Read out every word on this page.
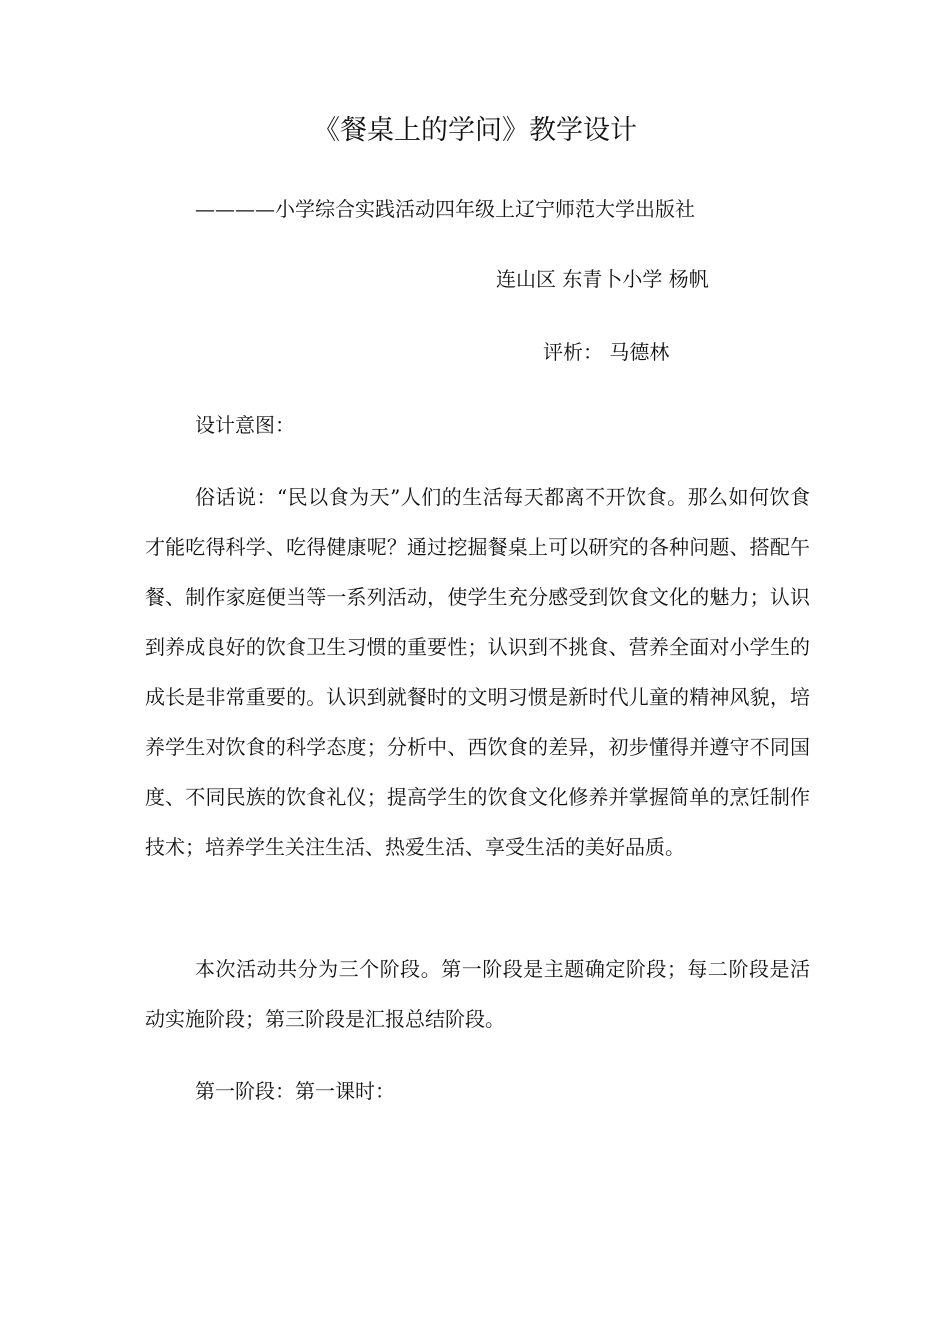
《餐桌上的学问》教学设计
————小学综合实践活动四年级上辽宁师范大学出版社
连山区 东青卜小学 杨帆
评析： 马德林
设计意图：

俗话说：“民以食为天”人们的生活每天都离不开饮食。那么如何饮食才能吃得科学、吃得健康呢？通过挖掘餐桌上可以研究的各种问题、搭配午餐、制作家庭便当等一系列活动，使学生充分感受到饮食文化的魅力；认识到养成良好的饮食卫生习惯的重要性；认识到不挑食、营养全面对小学生的成长是非常重要的。认识到就餐时的文明习惯是新时代儿童的精神风貌，培养学生对饮食的科学态度；分析中、西饮食的差异，初步懂得并遵守不同国度、不同民族的饮食礼仪；提高学生的饮食文化修养并掌握简单的烹饪制作技术；培养学生关注生活、热爱生活、享受生活的美好品质。

本次活动共分为三个阶段。第一阶段是主题确定阶段；每二阶段是活动实施阶段；第三阶段是汇报总结阶段。

第一阶段：第一课时：
